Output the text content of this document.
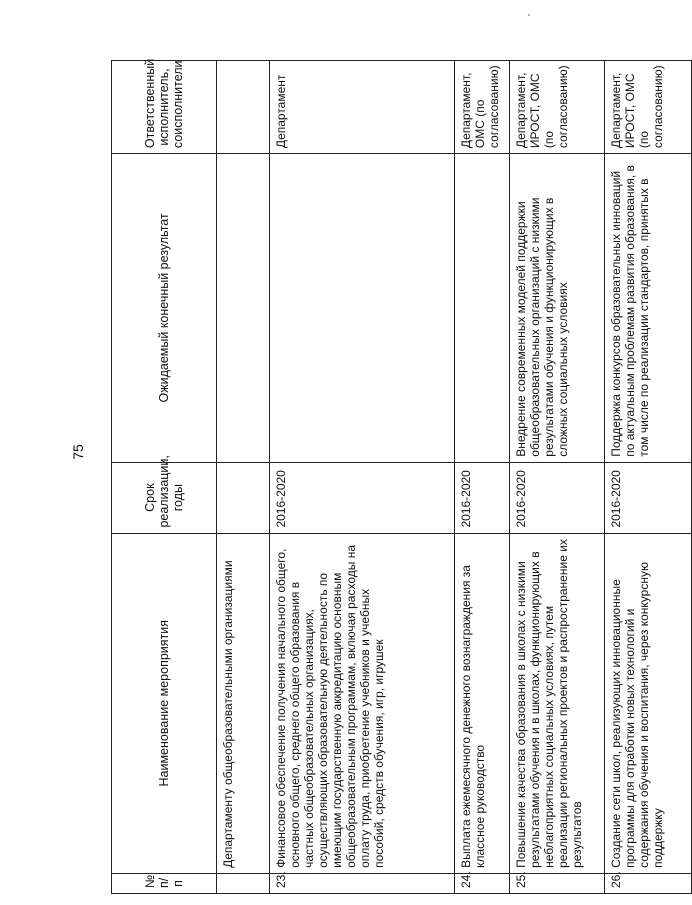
75
№ п/п	Наименование мероприятия	Срок реализации, годы	Ожидаемый конечный результат	Ответственный исполнитель, соисполнители
	Департаменту общеобразовательными организациями			
23.	Финансовое обеспечение получения начального общего, основного общего, среднего общего образования в частных общеобразовательных организациях, осуществляющих образовательную деятельность по имеющим государственную аккредитацию основным общеобразовательным программам, включая расходы на оплату труда, приобретение учебников и учебных пособий, средств обучения, игр, игрушек	2016-2020		Департамент
24.	Выплата ежемесячного денежного вознаграждения за классное руководство	2016-2020		Департамент, ОМС (по согласованию)
25.	Повышение качества образования в школах с низкими результатами обучения и в школах, функционирующих в неблагоприятных социальных условиях, путем реализации региональных проектов и распространение их результатов	2016-2020	Внедрение современных моделей поддержки общеобразовательных организаций с низкими результатами обучения и функционирующих в сложных социальных условиях	Департамент, ИРОСТ, ОМС (по согласованию)
26.	Создание сети школ, реализующих инновационные программы для отработки новых технологий и содержания обучения и воспитания, через конкурсную поддержку	2016-2020	Поддержка конкурсов образовательных инноваций по актуальным проблемам развития образования, в том числе по реализации стандартов, принятых в	Департамент, ИРОСТ, ОМС (по согласованию)
